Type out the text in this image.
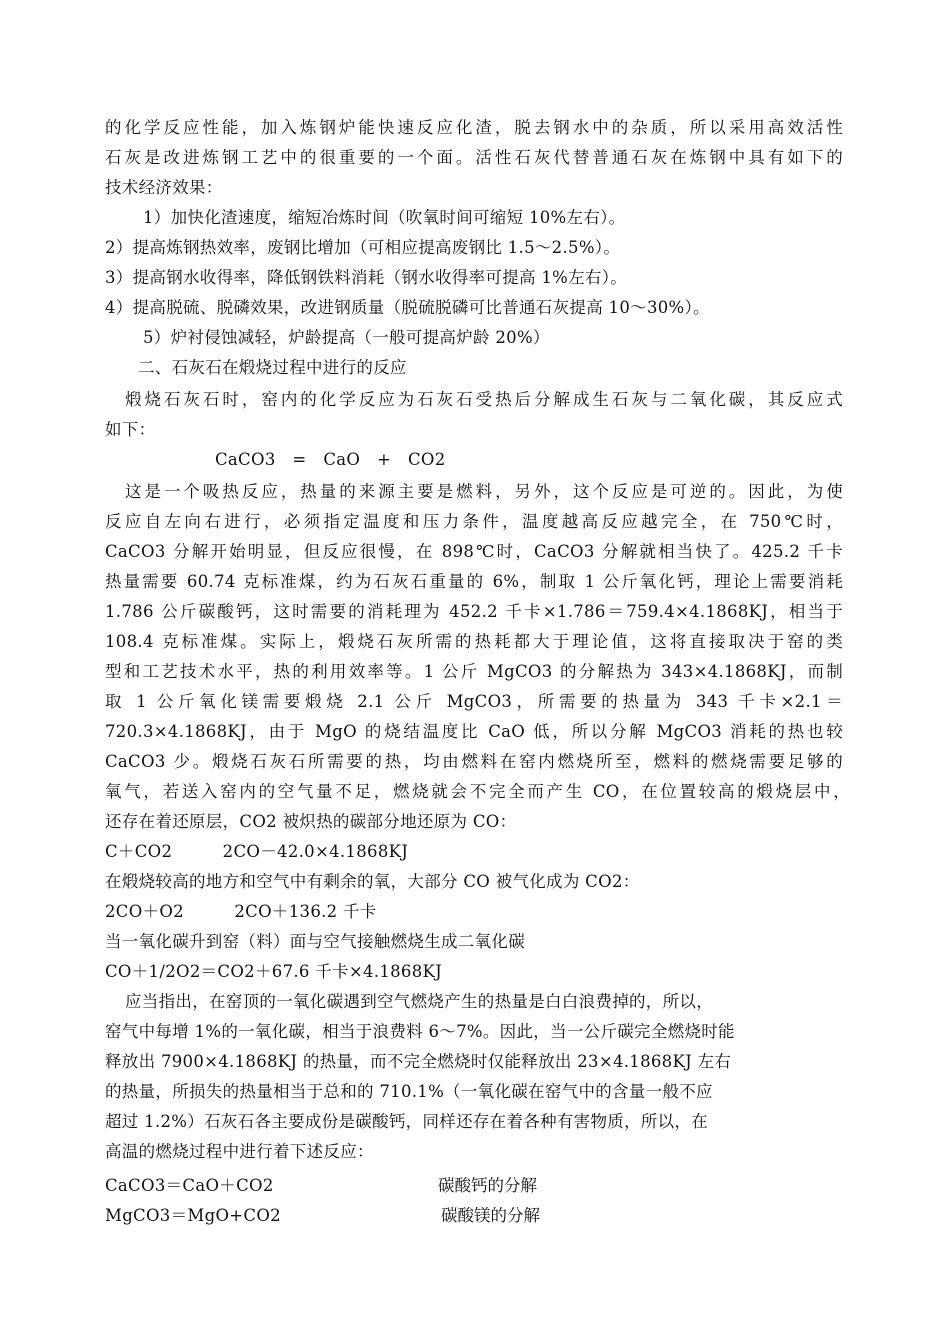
的化学反应性能，加入炼钢炉能快速反应化渣，脱去钢水中的杂质，所以采用高效活性
石灰是改进炼钢工艺中的很重要的一个面。活性石灰代替普通石灰在炼钢中具有如下的
技术经济效果：
1）加快化渣速度，缩短冶炼时间（吹氧时间可缩短 10%左右）。
2）提高炼钢热效率，废钢比增加（可相应提高废钢比 1.5～2.5%）。
3）提高钢水收得率，降低钢铁料消耗（钢水收得率可提高 1%左右）。
4）提高脱硫、脱磷效果，改进钢质量（脱硫脱磷可比普通石灰提高 10～30%）。
5）炉衬侵蚀减轻，炉龄提高（一般可提高炉龄 20%）
二、石灰石在煅烧过程中进行的反应
煅烧石灰石时，窑内的化学反应为石灰石受热后分解成生石灰与二氧化碳，其反应式
如下：
CaCO3　=　CaO　+　CO2
这是一个吸热反应，热量的来源主要是燃料，另外，这个反应是可逆的。因此，为使
反应自左向右进行，必须指定温度和压力条件，温度越高反应越完全，在 750℃时，
CaCO3 分解开始明显，但反应很慢，在 898℃时，CaCO3 分解就相当快了。425.2 千卡
热量需要 60.74 克标准煤，约为石灰石重量的 6%，制取 1 公斤氧化钙，理论上需要消耗
1.786 公斤碳酸钙，这时需要的消耗理为 452.2 千卡×1.786＝759.4×4.1868KJ，相当于
108.4 克标准煤。实际上，煅烧石灰所需的热耗都大于理论值，这将直接取决于窑的类
型和工艺技术水平，热的利用效率等。1 公斤 MgCO3 的分解热为 343×4.1868KJ，而制
取 1 公斤氧化镁需要煅烧 2.1 公斤 MgCO3，所需要的热量为 343 千卡×2.1＝
720.3×4.1868KJ，由于 MgO 的烧结温度比 CaO 低，所以分解 MgCO3 消耗的热也较
CaCO3 少。煅烧石灰石所需要的热，均由燃料在窑内燃烧所至，燃料的燃烧需要足够的
氧气，若送入窑内的空气量不足，燃烧就会不完全而产生 CO，在位置较高的煅烧层中，
还存在着还原层，CO2 被炽热的碳部分地还原为 CO：
C＋CO2　　　2CO－42.0×4.1868KJ
在煅烧较高的地方和空气中有剩余的氧，大部分 CO 被气化成为 CO2：
2CO＋O2　　　2CO＋136.2 千卡
当一氧化碳升到窑（料）面与空气接触燃烧生成二氧化碳
CO＋1/2O2＝CO2＋67.6 千卡×4.1868KJ
应当指出，在窑顶的一氧化碳遇到空气燃烧产生的热量是白白浪费掉的，所以，
窑气中每增 1%的一氧化碳，相当于浪费料 6～7%。因此，当一公斤碳完全燃烧时能
释放出 7900×4.1868KJ 的热量，而不完全燃烧时仅能释放出 23×4.1868KJ 左右
的热量，所损失的热量相当于总和的 710.1%（一氧化碳在窑气中的含量一般不应
超过 1.2%）石灰石各主要成份是碳酸钙，同样还存在着各种有害物质，所以，在
高温的燃烧过程中进行着下述反应：
CaCO3＝CaO＋CO2	碳酸钙的分解
MgCO3＝MgO+CO2	碳酸镁的分解
